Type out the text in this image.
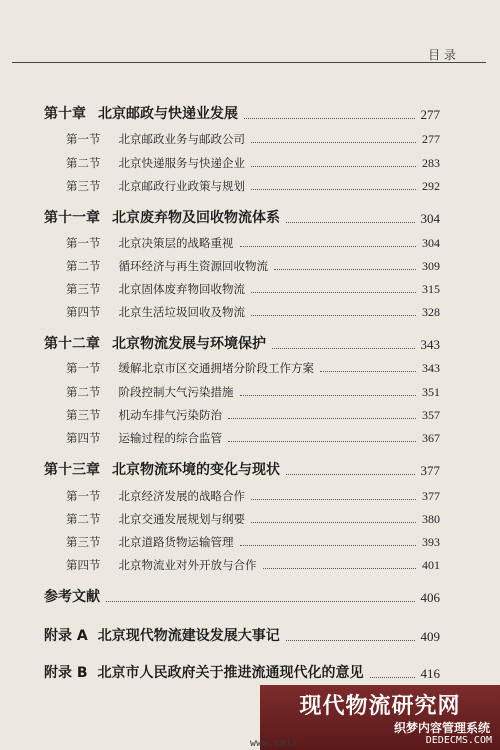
目 录
第十章 北京邮政与快递业发展	277
第一节 北京邮政业务与邮政公司	277
第二节 北京快递服务与快递企业	283
第三节 北京邮政行业政策与规划	292
第十一章 北京废弃物及回收物流体系	304
第一节 北京决策层的战略重视	304
第二节 循环经济与再生资源回收物流	309
第三节 北京固体废弃物回收物流	315
第四节 北京生活垃圾回收及物流	328
第十二章 北京物流发展与环境保护	343
第一节 缓解北京市区交通拥堵分阶段工作方案	343
第二节 阶段控制大气污染措施	351
第三节 机动车排气污染防治	357
第四节 运输过程的综合监管	367
第十三章 北京物流环境的变化与现状	377
第一节 北京经济发展的战略合作	377
第二节 北京交通发展规划与纲要	380
第三节 北京道路货物运输管理	393
第四节 北京物流业对外开放与合作	401
参考文献	406
附录 A 北京现代物流建设发展大事记	409
附录 B 北京市人民政府关于推进流通现代化的意见	416
现代物流研究网
织梦内容管理系统
DEDECMS.COM
www.cmlr
